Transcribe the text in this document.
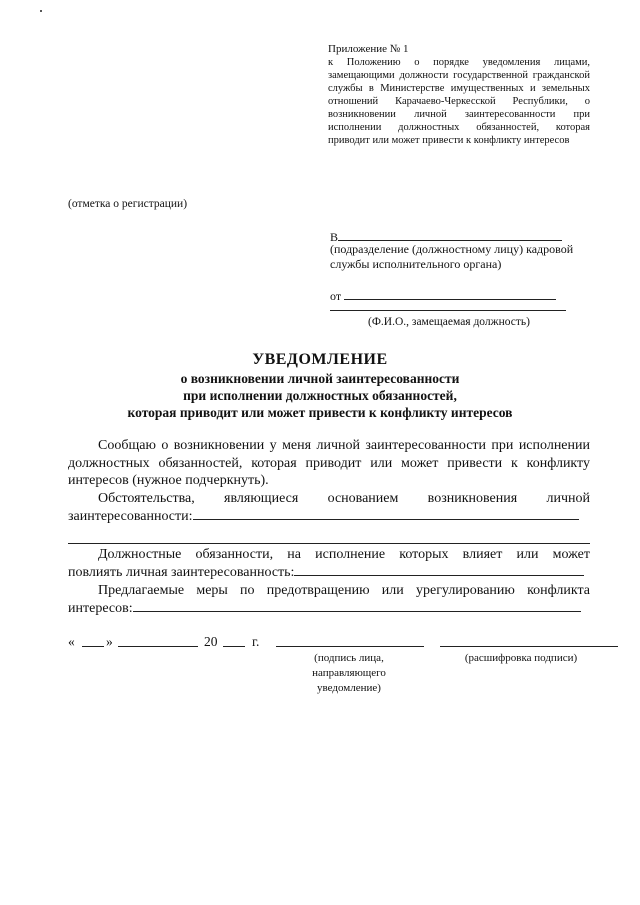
Приложение № 1
к Положению о порядке уведомления лицами, замещающими должности государственной гражданской службы в Министерстве имущественных и земельных отношений Карачаево-Черкесской Республики, о возникновении личной заинтересованности при исполнении должностных обязанностей, которая приводит или может привести к конфликту интересов
(отметка о регистрации)
В
(подразделение (должностному лицу) кадровой службы исполнительного органа)
от
(Ф.И.О., замещаемая должность)
УВЕДОМЛЕНИЕ
о возникновении личной заинтересованности
при исполнении должностных обязанностей,
которая приводит или может привести к конфликту интересов

Сообщаю о возникновении у меня личной заинтересованности при исполнении должностных обязанностей, которая приводит или может привести к конфликту интересов (нужное подчеркнуть).

Обстоятельства, являющиеся основанием возникновения личной

заинтересованности:

Должностные обязанности, на исполнение которых влияет или может

повлиять личная заинтересованность:

Предлагаемые меры по предотвращению или урегулированию конфликта

интересов:
« »	20	г.
(подпись лица, направляющего уведомление)
(расшифровка подписи)
